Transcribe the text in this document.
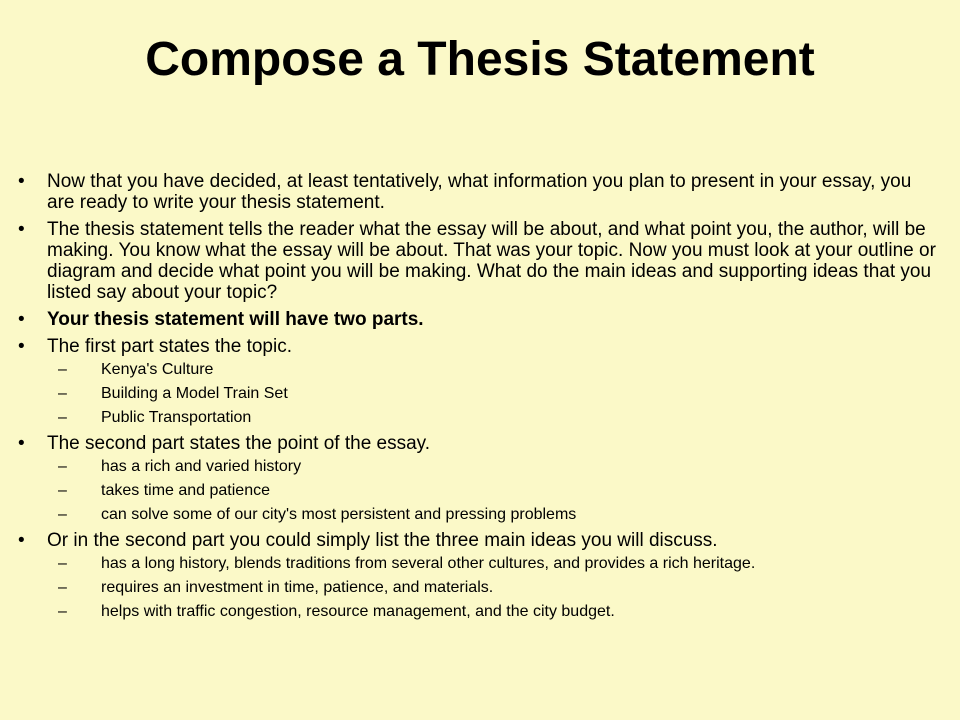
Compose a Thesis Statement
•	Now that you have decided, at least tentatively, what information you plan to present in your essay, you are ready to write your thesis statement.
•	The thesis statement tells the reader what the essay will be about, and what point you, the author, will be making. You know what the essay will be about. That was your topic. Now you must look at your outline or diagram and decide what point you will be making. What do the main ideas and supporting ideas that you listed say about your topic?
•	Your thesis statement will have two parts.
•	The first part states the topic.
– Kenya's Culture
– Building a Model Train Set
– Public Transportation
•	The second part states the point of the essay.
– has a rich and varied history
– takes time and patience
– can solve some of our city's most persistent and pressing problems
•	Or in the second part you could simply list the three main ideas you will discuss.
– has a long history, blends traditions from several other cultures, and provides a rich heritage.
– requires an investment in time, patience, and materials.
– helps with traffic congestion, resource management, and the city budget.
